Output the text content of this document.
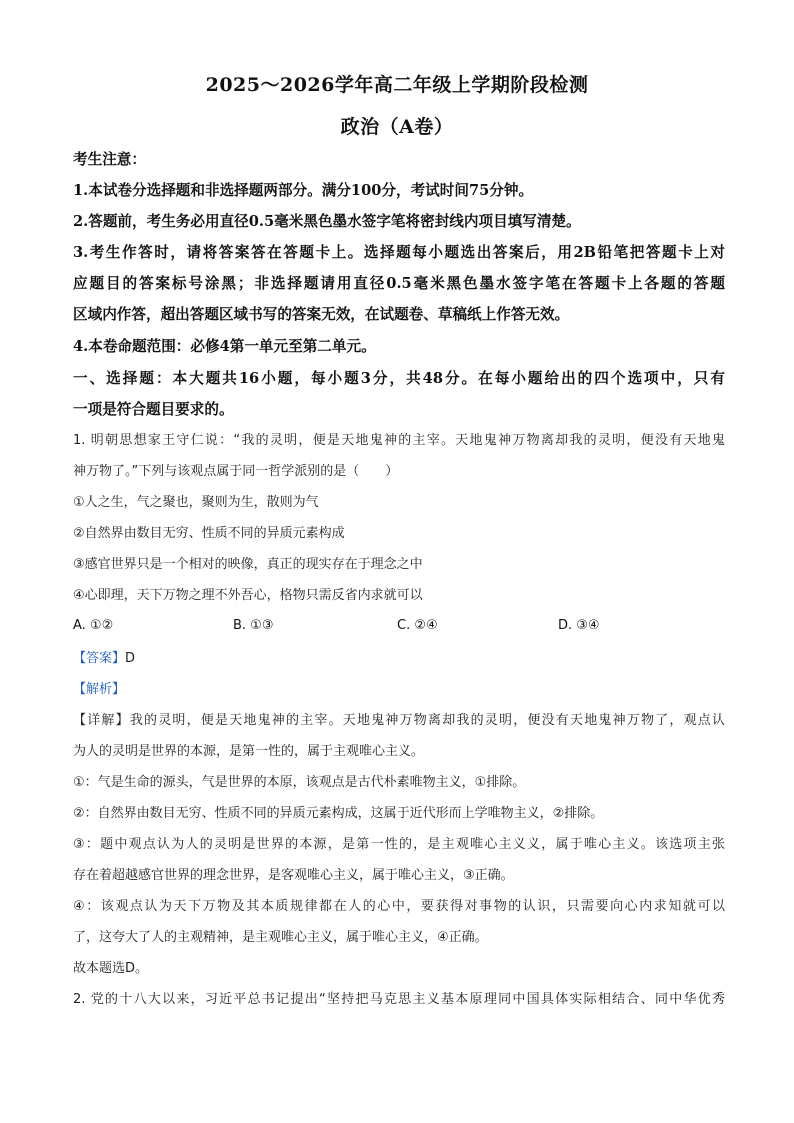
2025～2026学年高二年级上学期阶段检测
政治（A卷）
考生注意：
1.本试卷分选择题和非选择题两部分。满分100分，考试时间75分钟。
2.答题前，考生务必用直径0.5毫米黑色墨水签字笔将密封线内项目填写清楚。
3.考生作答时，请将答案答在答题卡上。选择题每小题选出答案后，用2B铅笔把答题卡上对
应题目的答案标号涂黑；非选择题请用直径0.5毫米黑色墨水签字笔在答题卡上各题的答题
区域内作答，超出答题区域书写的答案无效，在试题卷、草稿纸上作答无效。
4.本卷命题范围：必修4第一单元至第二单元。
一、选择题：本大题共16小题，每小题3分，共48分。在每小题给出的四个选项中，只有
一项是符合题目要求的。
1. 明朝思想家王守仁说：“我的灵明，便是天地鬼神的主宰。天地鬼神万物离却我的灵明，便没有天地鬼
神万物了。”下列与该观点属于同一哲学派别的是（　　）
①人之生，气之聚也，聚则为生，散则为气
②自然界由数目无穷、性质不同的异质元素构成
③感官世界只是一个相对的映像，真正的现实存在于理念之中
④心即理，天下万物之理不外吾心，格物只需反省内求就可以
A. ①②	B. ①③	C. ②④	D. ③④
【答案】D
【解析】
【详解】我的灵明，便是天地鬼神的主宰。天地鬼神万物离却我的灵明，便没有天地鬼神万物了，观点认
为人的灵明是世界的本源，是第一性的，属于主观唯心主义。
①：气是生命的源头，气是世界的本原，该观点是古代朴素唯物主义，①排除。
②：自然界由数目无穷、性质不同的异质元素构成，这属于近代形而上学唯物主义，②排除。
③：题中观点认为人的灵明是世界的本源，是第一性的，是主观唯心主义义，属于唯心主义。该选项主张
存在着超越感官世界的理念世界，是客观唯心主义，属于唯心主义，③正确。
④：该观点认为天下万物及其本质规律都在人的心中，要获得对事物的认识，只需要向心内求知就可以
了，这夸大了人的主观精神，是主观唯心主义，属于唯心主义，④正确。
故本题选D。
2. 党的十八大以来，习近平总书记提出“坚持把马克思主义基本原理同中国具体实际相结合、同中华优秀
